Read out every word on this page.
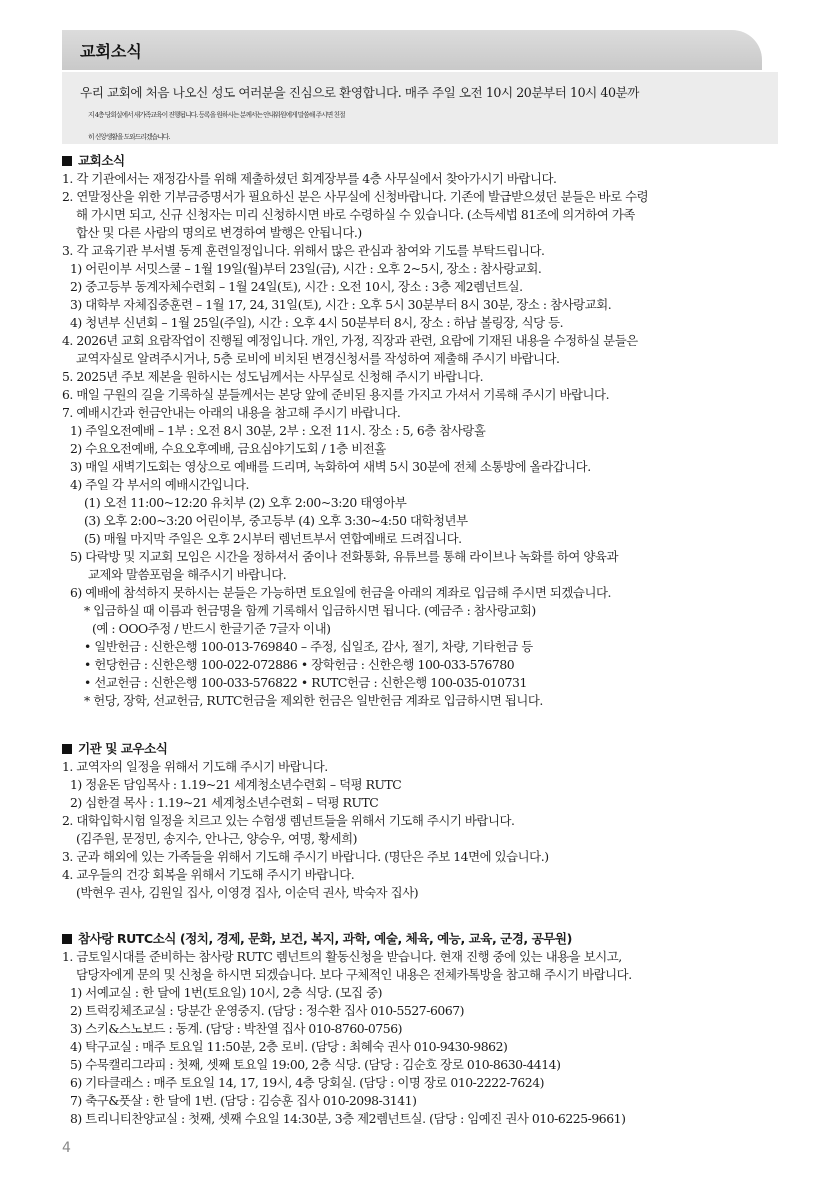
교회소식
우리 교회에 처음 나오신 성도 여러분을 진심으로 환영합니다. 매주 주일 오전 10시 20분부터 10시 40분까
지 4층 당회실에서 새가족교육이 진행됩니다. 등록을 원하시는 분께서는 안내위원에게 말씀해 주시면 친절
히 신앙생활을 도와드리겠습니다.
교회소식
1. 각 기관에서는 재정감사를 위해 제출하셨던 회계장부를 4층 사무실에서 찾아가시기 바랍니다.
2. 연말정산을 위한 기부금증명서가 필요하신 분은 사무실에 신청바랍니다. 기존에 발급받으셨던 분들은 바로 수령
해 가시면 되고, 신규 신청자는 미리 신청하시면 바로 수령하실 수 있습니다. (소득세법 81조에 의거하여 가족
합산 및 다른 사람의 명의로 변경하여 발행은 안됩니다.)
3. 각 교육기관 부서별 동계 훈련일정입니다. 위해서 많은 관심과 참여와 기도를 부탁드립니다.
1) 어린이부 서밋스쿨 – 1월 19일(월)부터 23일(금), 시간 : 오후 2~5시, 장소 : 참사랑교회.
2) 중고등부 동계자체수련회 – 1월 24일(토), 시간 : 오전 10시, 장소 : 3층 제2렘넌트실.
3) 대학부 자체집중훈련 – 1월 17, 24, 31일(토), 시간 : 오후 5시 30분부터 8시 30분, 장소 : 참사랑교회.
4) 청년부 신년회 – 1월 25일(주일), 시간 : 오후 4시 50분부터 8시, 장소 : 하남 볼링장, 식당 등.
4. 2026년 교회 요람작업이 진행될 예정입니다. 개인, 가정, 직장과 관련, 요람에 기재된 내용을 수정하실 분들은
교역자실로 알려주시거나, 5층 로비에 비치된 변경신청서를 작성하여 제출해 주시기 바랍니다.
5. 2025년 주보 제본을 원하시는 성도님께서는 사무실로 신청해 주시기 바랍니다.
6. 매일 구원의 길을 기록하실 분들께서는 본당 앞에 준비된 용지를 가지고 가셔서 기록해 주시기 바랍니다.
7. 예배시간과 헌금안내는 아래의 내용을 참고해 주시기 바랍니다.
1) 주일오전예배 – 1부 : 오전 8시 30분, 2부 : 오전 11시. 장소 : 5, 6층 참사랑홀
2) 수요오전예배, 수요오후예배, 금요심야기도회 / 1층 비전홀
3) 매일 새벽기도회는 영상으로 예배를 드리며, 녹화하여 새벽 5시 30분에 전체 소통방에 올라갑니다.
4) 주일 각 부서의 예배시간입니다.
(1) 오전 11:00~12:20 유치부 (2) 오후 2:00~3:20 태영아부
(3) 오후 2:00~3:20 어린이부, 중고등부 (4) 오후 3:30~4:50 대학청년부
(5) 매월 마지막 주일은 오후 2시부터 렘넌트부서 연합예배로 드려집니다.
5) 다락방 및 지교회 모임은 시간을 정하셔서 줌이나 전화통화, 유튜브를 통해 라이브나 녹화를 하여 양육과
교제와 말씀포럼을 해주시기 바랍니다.
6) 예배에 참석하지 못하시는 분들은 가능하면 토요일에 헌금을 아래의 계좌로 입금해 주시면 되겠습니다.
* 입금하실 때 이름과 헌금명을 함께 기록해서 입금하시면 됩니다. (예금주 : 참사랑교회)
(예 : OOO주정 / 반드시 한글기준 7글자 이내)
• 일반헌금 : 신한은행 100-013-769840 – 주정, 십일조, 감사, 절기, 차량, 기타헌금 등
• 헌당헌금 : 신한은행 100-022-072886 • 장학헌금 : 신한은행 100-033-576780
• 선교헌금 : 신한은행 100-033-576822 • RUTC헌금 : 신한은행 100-035-010731
* 헌당, 장학, 선교헌금, RUTC헌금을 제외한 헌금은 일반헌금 계좌로 입금하시면 됩니다.
기관 및 교우소식
1. 교역자의 일정을 위해서 기도해 주시기 바랍니다.
1) 정윤돈 담임목사 : 1.19~21 세계청소년수련회 – 덕평 RUTC
2) 심한결 목사 : 1.19~21 세계청소년수련회 – 덕평 RUTC
2. 대학입학시험 일정을 치르고 있는 수험생 렘넌트들을 위해서 기도해 주시기 바랍니다.
(김주원, 문정민, 송지수, 안나근, 양승우, 여명, 황세희)
3. 군과 해외에 있는 가족들을 위해서 기도해 주시기 바랍니다. (명단은 주보 14면에 있습니다.)
4. 교우들의 건강 회복을 위해서 기도해 주시기 바랍니다.
(박현우 권사, 김원일 집사, 이영경 집사, 이순덕 권사, 박숙자 집사)
참사랑 RUTC소식 (정치, 경제, 문화, 보건, 복지, 과학, 예술, 체육, 예능, 교육, 군경, 공무원)
1. 금토일시대를 준비하는 참사랑 RUTC 렘넌트의 활동신청을 받습니다. 현재 진행 중에 있는 내용을 보시고,
담당자에게 문의 및 신청을 하시면 되겠습니다. 보다 구체적인 내용은 전체카톡방을 참고해 주시기 바랍니다.
1) 서예교실 : 한 달에 1번(토요일) 10시, 2층 식당. (모집 중)
2) 트럭킹체조교실 : 당분간 운영중지. (담당 : 정수환 집사 010-5527-6067)
3) 스키&스노보드 : 동계. (담당 : 박찬열 집사 010-8760-0756)
4) 탁구교실 : 매주 토요일 11:50분, 2층 로비. (담당 : 최혜숙 권사 010-9430-9862)
5) 수묵캘리그라피 : 첫째, 셋째 토요일 19:00, 2층 식당. (담당 : 김순호 장로 010-8630-4414)
6) 기타클래스 : 매주 토요일 14, 17, 19시, 4층 당회실. (담당 : 이명 장로 010-2222-7624)
7) 축구&풋살 : 한 달에 1번. (담당 : 김승훈 집사 010-2098-3141)
8) 트리니티찬양교실 : 첫째, 셋째 수요일 14:30분, 3층 제2렘넌트실. (담당 : 임예진 권사 010-6225-9661)
4
